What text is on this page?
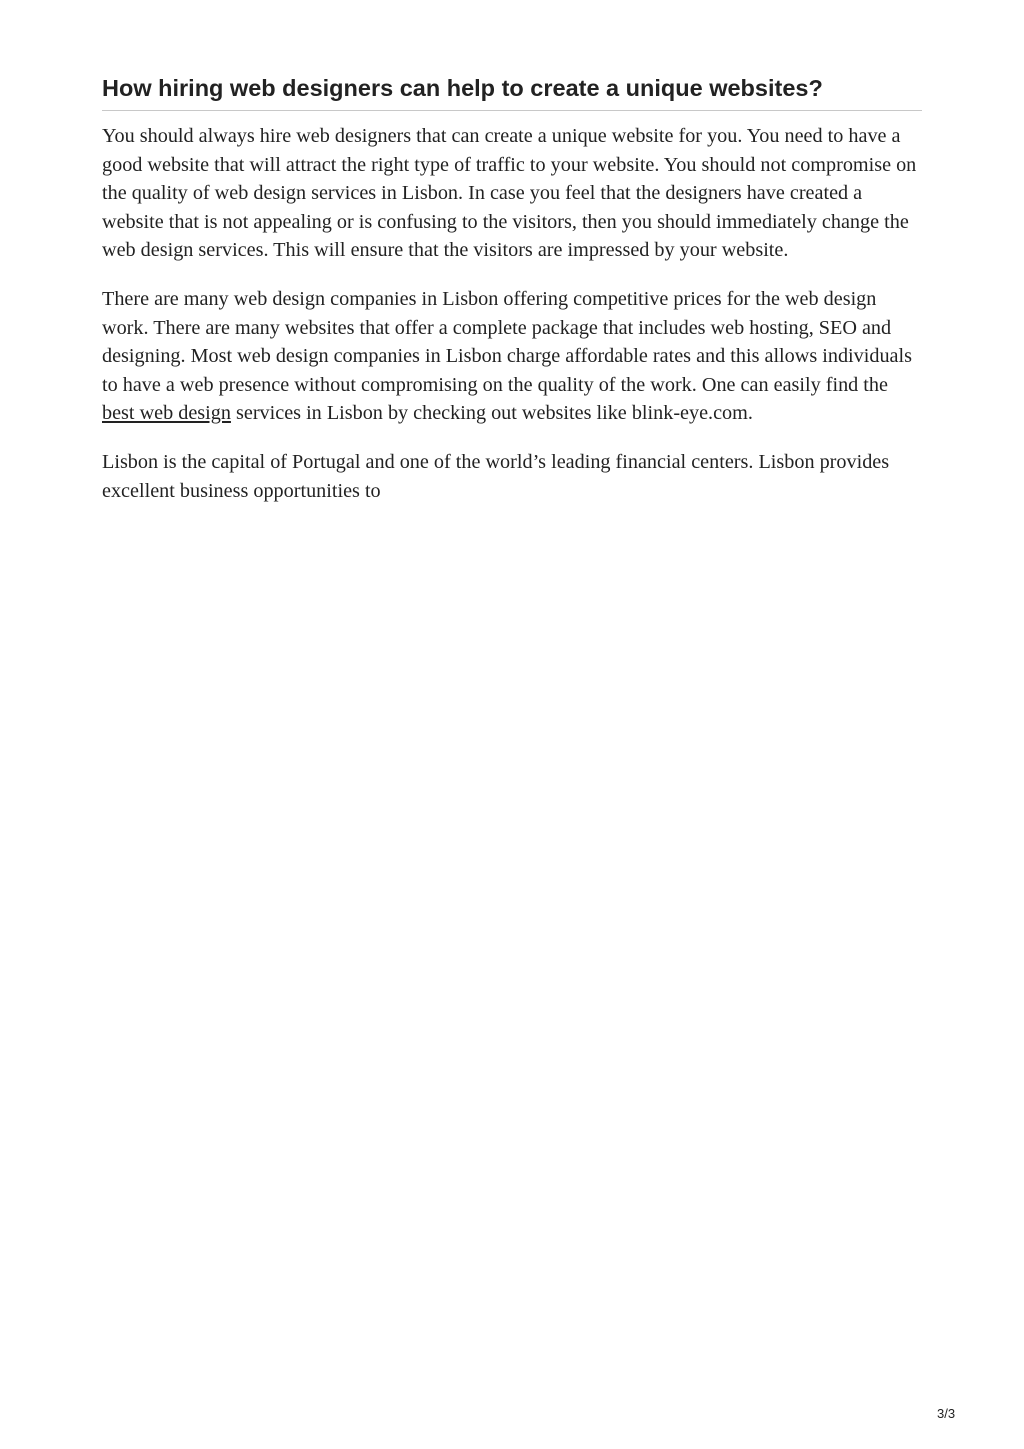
How hiring web designers can help to create a unique websites?

You should always hire web designers that can create a unique website for you. You need to have a good website that will attract the right type of traffic to your website. You should not compromise on the quality of web design services in Lisbon. In case you feel that the designers have created a website that is not appealing or is confusing to the visitors, then you should immediately change the web design services. This will ensure that the visitors are impressed by your website.

There are many web design companies in Lisbon offering competitive prices for the web design work. There are many websites that offer a complete package that includes web hosting, SEO and designing. Most web design companies in Lisbon charge affordable rates and this allows individuals to have a web presence without compromising on the quality of the work. One can easily find the best web design services in Lisbon by checking out websites like blink-eye.com.

Lisbon is the capital of Portugal and one of the world’s leading financial centers. Lisbon provides excellent business opportunities to

3/3
